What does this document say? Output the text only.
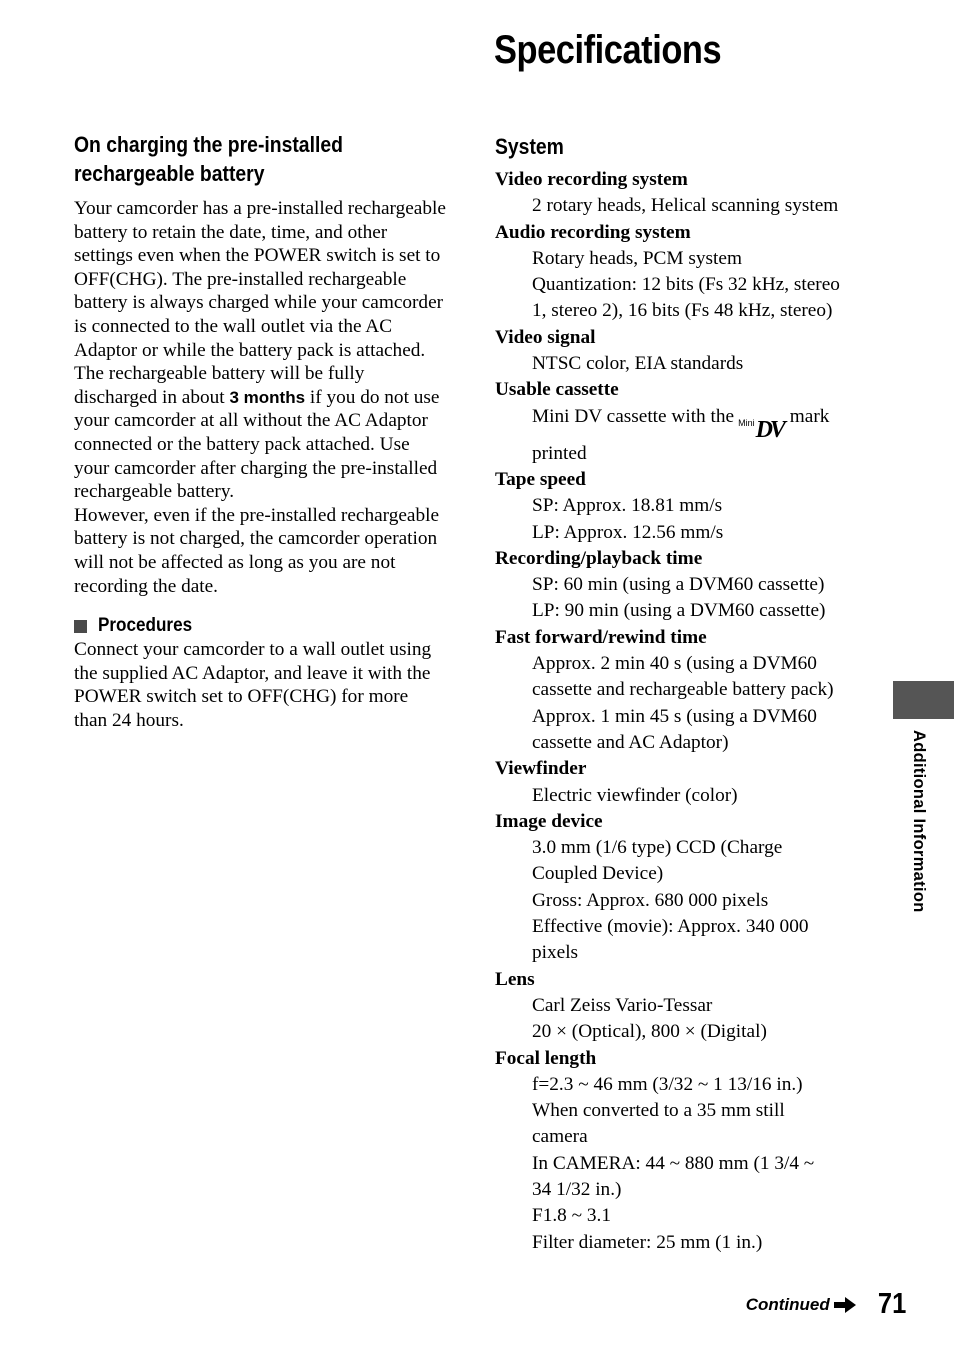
Specifications
On charging the pre-installed rechargeable battery

Your camcorder has a pre-installed rechargeable battery to retain the date, time, and other settings even when the POWER switch is set to OFF(CHG). The pre-installed rechargeable battery is always charged while your camcorder is connected to the wall outlet via the AC Adaptor or while the battery pack is attached. The rechargeable battery will be fully discharged in about 3 months if you do not use your camcorder at all without the AC Adaptor connected or the battery pack attached. Use your camcorder after charging the pre-installed rechargeable battery.

However, even if the pre-installed rechargeable battery is not charged, the camcorder operation will not be affected as long as you are not recording the date.

Procedures

Connect your camcorder to a wall outlet using the supplied AC Adaptor, and leave it with the POWER switch set to OFF(CHG) for more than 24 hours.

System
Video recording system
2 rotary heads, Helical scanning system
Audio recording system
Rotary heads, PCM system
Quantization: 12 bits (Fs 32 kHz, stereo
1, stereo 2), 16 bits (Fs 48 kHz, stereo)
Video signal
NTSC color, EIA standards
Usable cassette
Mini DV cassette with the Mini DV
mark
printed
Tape speed
SP: Approx. 18.81 mm/s
LP: Approx. 12.56 mm/s
Recording/playback time
SP: 60 min (using a DVM60 cassette)
LP: 90 min (using a DVM60 cassette)
Fast forward/rewind time
Approx. 2 min 40 s (using a DVM60
cassette and rechargeable battery pack)
Approx. 1 min 45 s (using a DVM60
cassette and AC Adaptor)
Viewfinder
Electric viewfinder (color)
Image device
3.0 mm (1/6 type) CCD (Charge
Coupled Device)
Gross: Approx. 680 000 pixels
Effective (movie): Approx. 340 000
pixels
Lens
Carl Zeiss Vario-Tessar
20 × (Optical), 800 × (Digital)
Focal length
f=2.3 ~ 46 mm (3/32 ~ 1 13/16 in.)
When converted to a 35 mm still
camera
In CAMERA: 44 ~ 880 mm (1 3/4 ~
34 1/32 in.)
F1.8 ~ 3.1
Filter diameter: 25 mm (1 in.)
Additional Information
Continued 71
